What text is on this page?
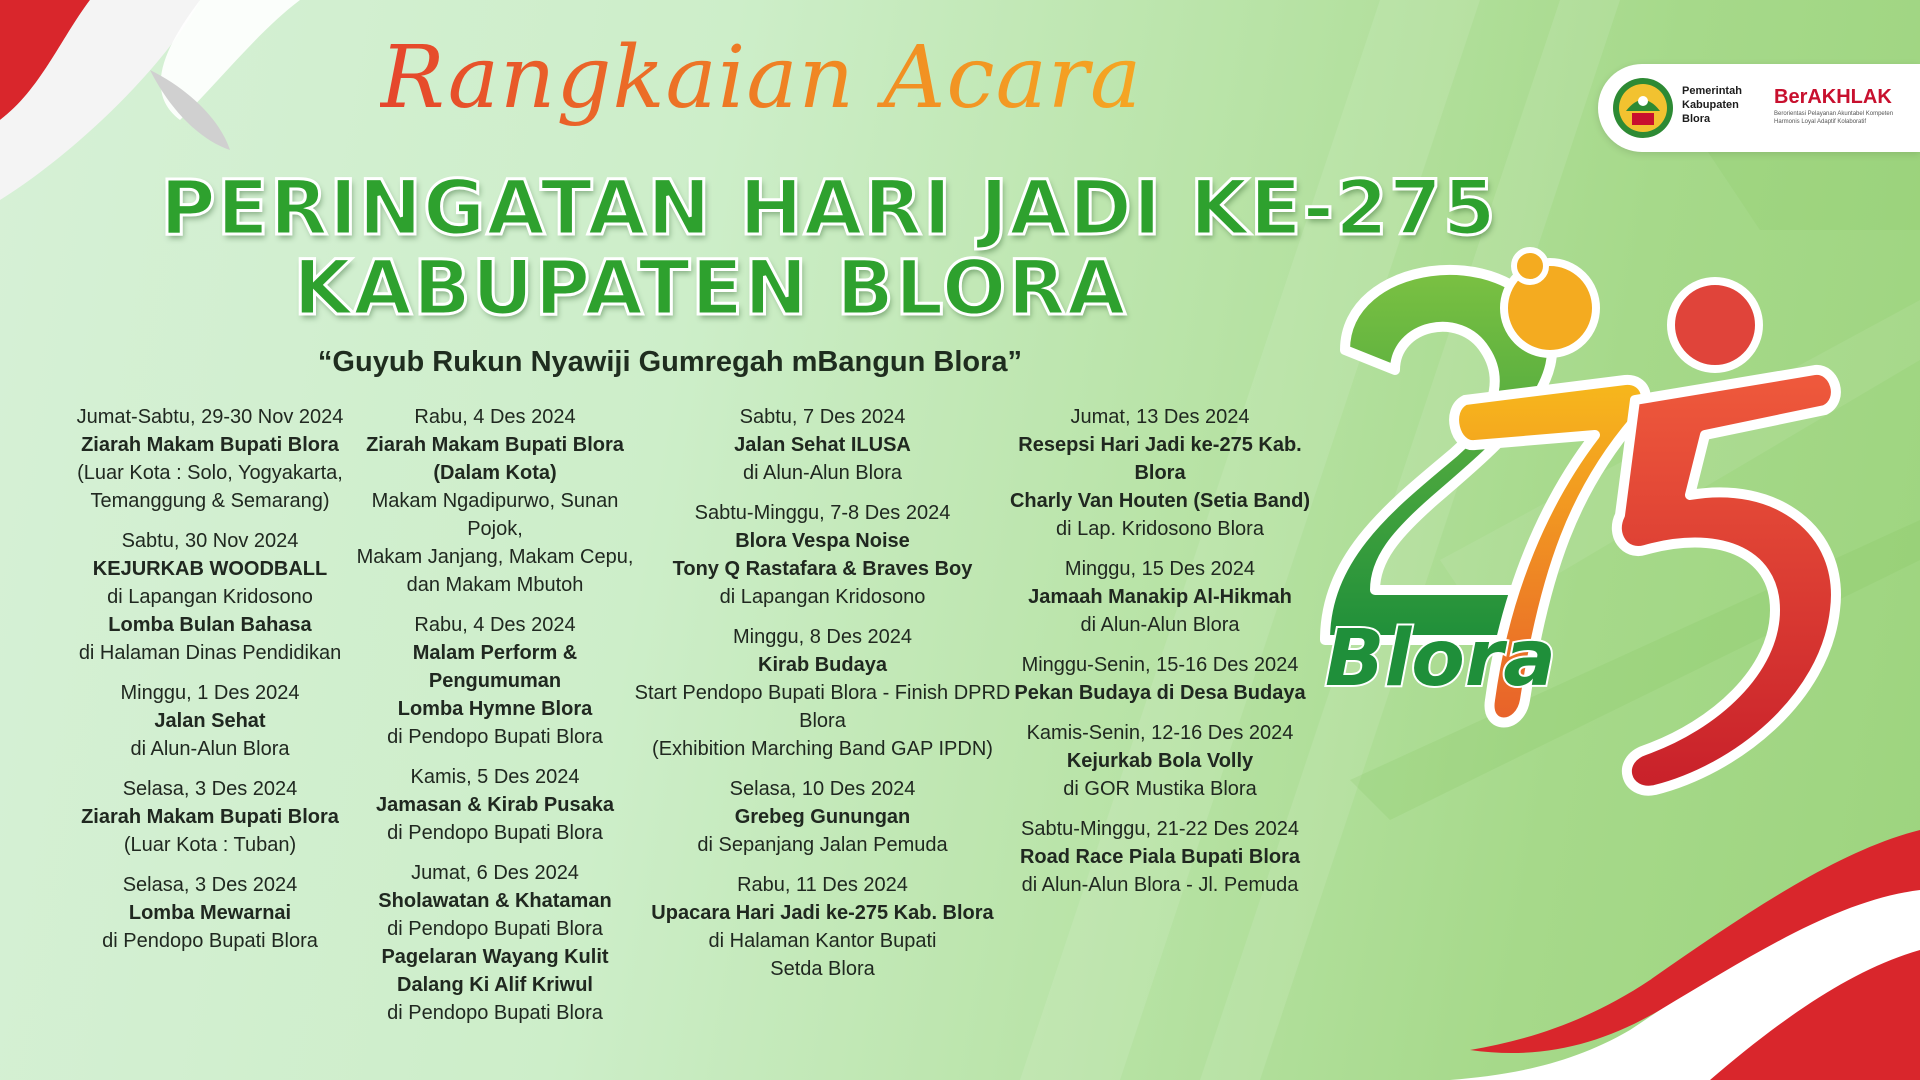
Rangkaian Acara
PERINGATAN HARI JADI KE-275
KABUPATEN BLORA
“Guyub Rukun Nyawiji Gumregah mBangun Blora”
Jumat-Sabtu, 29-30 Nov 2024
Ziarah Makam Bupati Blora
(Luar Kota : Solo, Yogyakarta,
Temanggung & Semarang)
Sabtu, 30 Nov 2024
KEJURKAB WOODBALL
di Lapangan Kridosono
Lomba Bulan Bahasa
di Halaman Dinas Pendidikan
Minggu, 1 Des 2024
Jalan Sehat
di Alun-Alun Blora
Selasa, 3 Des 2024
Ziarah Makam Bupati Blora
(Luar Kota : Tuban)
Selasa, 3 Des 2024
Lomba Mewarnai
di Pendopo Bupati Blora
Rabu, 4 Des 2024
Ziarah Makam Bupati Blora
(Dalam Kota)
Makam Ngadipurwo, Sunan Pojok,
Makam Janjang, Makam Cepu,
dan Makam Mbutoh
Rabu, 4 Des 2024
Malam Perform & Pengumuman
Lomba Hymne Blora
di Pendopo Bupati Blora
Kamis, 5 Des 2024
Jamasan & Kirab Pusaka
di Pendopo Bupati Blora
Jumat, 6 Des 2024
Sholawatan & Khataman
di Pendopo Bupati Blora
Pagelaran Wayang Kulit
Dalang Ki Alif Kriwul
di Pendopo Bupati Blora
Sabtu, 7 Des 2024
Jalan Sehat ILUSA
di Alun-Alun Blora
Sabtu-Minggu, 7-8 Des 2024
Blora Vespa Noise
Tony Q Rastafara & Braves Boy
di Lapangan Kridosono
Minggu, 8 Des 2024
Kirab Budaya
Start Pendopo Bupati Blora - Finish DPRD Blora
(Exhibition Marching Band GAP IPDN)
Selasa, 10 Des 2024
Grebeg Gunungan
di Sepanjang Jalan Pemuda
Rabu, 11 Des 2024
Upacara Hari Jadi ke-275 Kab. Blora
di Halaman Kantor Bupati
Setda Blora
Jumat, 13 Des 2024
Resepsi Hari Jadi ke-275 Kab. Blora
Charly Van Houten (Setia Band)
di Lap. Kridosono Blora
Minggu, 15 Des 2024
Jamaah Manakip Al-Hikmah
di Alun-Alun Blora
Minggu-Senin, 15-16 Des 2024
Pekan Budaya di Desa Budaya
Kamis-Senin, 12-16 Des 2024
Kejurkab Bola Volly
di GOR Mustika Blora
Sabtu-Minggu, 21-22 Des 2024
Road Race Piala Bupati Blora
di Alun-Alun Blora - Jl. Pemuda
Pemerintah
Kabupaten
Blora
BerAKHLAK
Berorientasi Pelayanan Akuntabel Kompeten Harmonis Loyal Adaptif Kolaboratif
Blora
